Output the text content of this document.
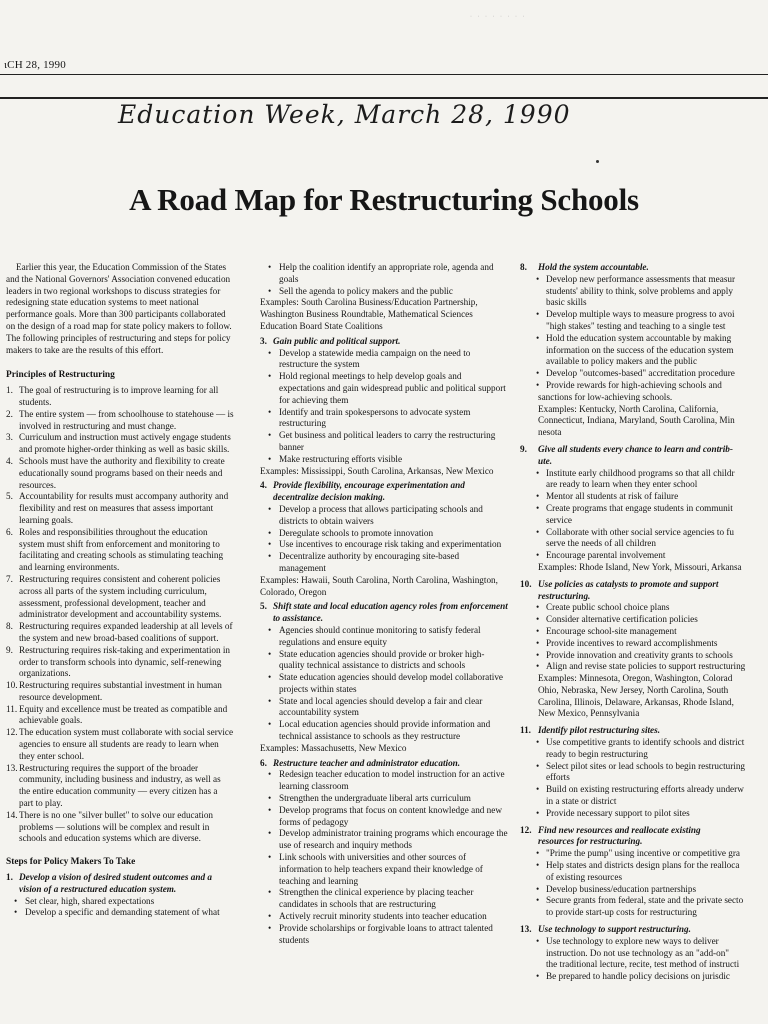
· · · · · · · ·
ιCH 28, 1990
Education Week, March 28, 1990
A Road Map for Restructuring Schools

Earlier this year, the Education Commission of the States and the National Governors' Association convened education leaders in two regional workshops to discuss strategies for redesigning state education systems to meet national performance goals. More than 300 participants collaborated on the design of a road map for state policy makers to follow. The following principles of restructuring and steps for policy makers to take are the results of this effort.

Principles of Restructuring
1. The goal of restructuring is to improve learning for all students.
2. The entire system — from schoolhouse to statehouse — is involved in restructuring and must change.
3. Curriculum and instruction must actively engage students and promote higher-order thinking as well as basic skills.
4. Schools must have the authority and flexibility to create educationally sound programs based on their needs and resources.
5. Accountability for results must accompany authority and flexibility and rest on measures that assess important learning goals.
6. Roles and responsibilities throughout the education system must shift from enforcement and monitoring to facilitating and creating schools as stimulating teaching and learning environments.
7. Restructuring requires consistent and coherent policies across all parts of the system including curriculum, assessment, professional development, teacher and administrator development and accountability systems.
8. Restructuring requires expanded leadership at all levels of the system and new broad-based coalitions of support.
9. Restructuring requires risk-taking and experimentation in order to transform schools into dynamic, self-renewing organizations.
10. Restructuring requires substantial investment in human resource development.
11. Equity and excellence must be treated as compatible and achievable goals.
12. The education system must collaborate with social service agencies to ensure all students are ready to learn when they enter school.
13. Restructuring requires the support of the broader community, including business and industry, as well as the entire education community — every citizen has a part to play.
14. There is no one "silver bullet" to solve our education problems — solutions will be complex and result in schools and education systems which are diverse.
Steps for Policy Makers To Take
1. Develop a vision of desired student outcomes and a vision of a restructured education system.
• Set clear, high, shared expectations
• Develop a specific and demanding statement of what
• Help the coalition identify an appropriate role, agenda and goals
• Sell the agenda to policy makers and the public

Examples: South Carolina Business/Education Partnership, Washington Business Roundtable, Mathematical Sciences Education Board State Coalitions

3. Gain public and political support.
• Develop a statewide media campaign on the need to restructure the system
• Hold regional meetings to help develop goals and expectations and gain widespread public and political support for achieving them
• Identify and train spokespersons to advocate system restructuring
• Get business and political leaders to carry the restructuring banner
• Make restructuring efforts visible

Examples: Mississippi, South Carolina, Arkansas, New Mexico

4. Provide flexibility, encourage experimentation and decentralize decision making.
• Develop a process that allows participating schools and districts to obtain waivers
• Deregulate schools to promote innovation
• Use incentives to encourage risk taking and experimentation
• Decentralize authority by encouraging site-based management

Examples: Hawaii, South Carolina, North Carolina, Washington, Colorado, Oregon

5. Shift state and local education agency roles from enforcement to assistance.
• Agencies should continue monitoring to satisfy federal regulations and ensure equity
• State education agencies should provide or broker high-quality technical assistance to districts and schools
• State education agencies should develop model collaborative projects within states
• State and local agencies should develop a fair and clear accountability system
• Local education agencies should provide information and technical assistance to schools as they restructure

Examples: Massachusetts, New Mexico

6. Restructure teacher and administrator education.
• Redesign teacher education to model instruction for an active learning classroom
• Strengthen the undergraduate liberal arts curriculum
• Develop programs that focus on content knowledge and new forms of pedagogy
• Develop administrator training programs which encourage the use of research and inquiry methods
• Link schools with universities and other sources of information to help teachers expand their knowledge of teaching and learning
• Strengthen the clinical experience by placing teacher candidates in schools that are restructuring
• Actively recruit minority students into teacher education
• Provide scholarships or forgivable loans to attract talented students
8. Hold the system accountable.
• Develop new performance assessments that measur
students' ability to think, solve problems and apply
basic skills
• Develop multiple ways to measure progress to avoi
"high stakes" testing and teaching to a single test
• Hold the education system accountable by making
information on the success of the education system
available to policy makers and the public
• Develop "outcomes-based" accreditation procedure
• Provide rewards for high-achieving schools and
sanctions for low-achieving schools.
Examples: Kentucky, North Carolina, California,
Connecticut, Indiana, Maryland, South Carolina, Min
nesota
9. Give all students every chance to learn and contrib-
ute.
• Institute early childhood programs so that all childr
are ready to learn when they enter school
• Mentor all students at risk of failure
• Create programs that engage students in communit
service
• Collaborate with other social service agencies to fu
serve the needs of all children
• Encourage parental involvement
Examples: Rhode Island, New York, Missouri, Arkansa
10. Use policies as catalysts to promote and support
restructuring.
• Create public school choice plans
• Consider alternative certification policies
• Encourage school-site management
• Provide incentives to reward accomplishments
• Provide innovation and creativity grants to schools
• Align and revise state policies to support restructuring
Examples: Minnesota, Oregon, Washington, Colorad
Ohio, Nebraska, New Jersey, North Carolina, South
Carolina, Illinois, Delaware, Arkansas, Rhode Island,
New Mexico, Pennsylvania
11. Identify pilot restructuring sites.
• Use competitive grants to identify schools and district
ready to begin restructuring
• Select pilot sites or lead schools to begin restructuring
efforts
• Build on existing restructuring efforts already underw
in a state or district
• Provide necessary support to pilot sites
12. Find new resources and reallocate existing
resources for restructuring.
• "Prime the pump" using incentive or competitive gra
• Help states and districts design plans for the realloca
of existing resources
• Develop business/education partnerships
• Secure grants from federal, state and the private secto
to provide start-up costs for restructuring
13. Use technology to support restructuring.
• Use technology to explore new ways to deliver
instruction. Do not use technology as an "add-on"
the traditional lecture, recite, test method of instructi
• Be prepared to handle policy decisions on jurisdic
